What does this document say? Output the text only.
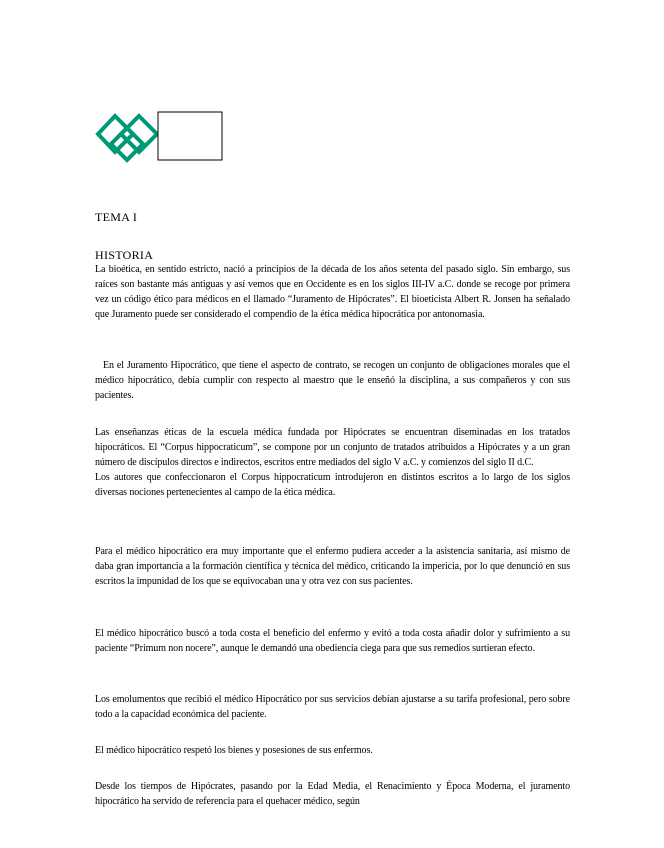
TEMA I
HISTORIA

La bioética, en sentido estricto, nació a principios de la década de los años setenta del pasado siglo. Sin embargo, sus raíces son bastante más antiguas y así vemos que en Occidente es en los siglos III-IV a.C. donde se recoge por primera vez un código ético para médicos en el llamado “Juramento de Hipócrates”. El bioeticista Albert R. Jonsen ha señalado que Juramento puede ser considerado el compendio de la ética médica hipocrática por antonomasia.

En el Juramento Hipocrático, que tiene el aspecto de contrato, se recogen un conjunto de obligaciones morales que el médico hipocrático, debía cumplir con respecto al maestro que le enseñó la disciplina, a sus compañeros y con sus pacientes.

Las enseñanzas éticas de la escuela médica fundada por Hipócrates se encuentran diseminadas en los tratados hipocráticos. El “Corpus hippocraticum”, se compone por un conjunto de tratados atribuidos a Hipócrates y a un gran número de discípulos directos e indirectos, escritos entre mediados del siglo V a.C. y comienzos del siglo II d.C.

Los autores que confeccionaron el Corpus hippocraticum introdujeron en distintos escritos a lo largo de los siglos diversas nociones pertenecientes al campo de la ética médica.

Para el médico hipocrático era muy importante que el enfermo pudiera acceder a la asistencia sanitaria, así mismo de daba gran importancia a la formación científica y técnica del médico, criticando la impericia, por lo que denunció en sus escritos la impunidad de los que se equivocaban una y otra vez con sus pacientes.

El médico hipocrático buscó a toda costa el beneficio del enfermo y evitó a toda costa añadir dolor y sufrimiento a su paciente “Primum non nocere”, aunque le demandó una obediencia ciega para que sus remedios surtieran efecto.

Los emolumentos que recibió el médico Hipocrático por sus servicios debían ajustarse a su tarifa profesional, pero sobre todo a la capacidad económica del paciente.

El médico hipocrático respetó los bienes y posesiones de sus enfermos.

Desde los tiempos de Hipócrates, pasando por la Edad Media, el Renacimiento y Época Moderna, el juramento hipocrático ha servido de referencia para el quehacer médico, según
